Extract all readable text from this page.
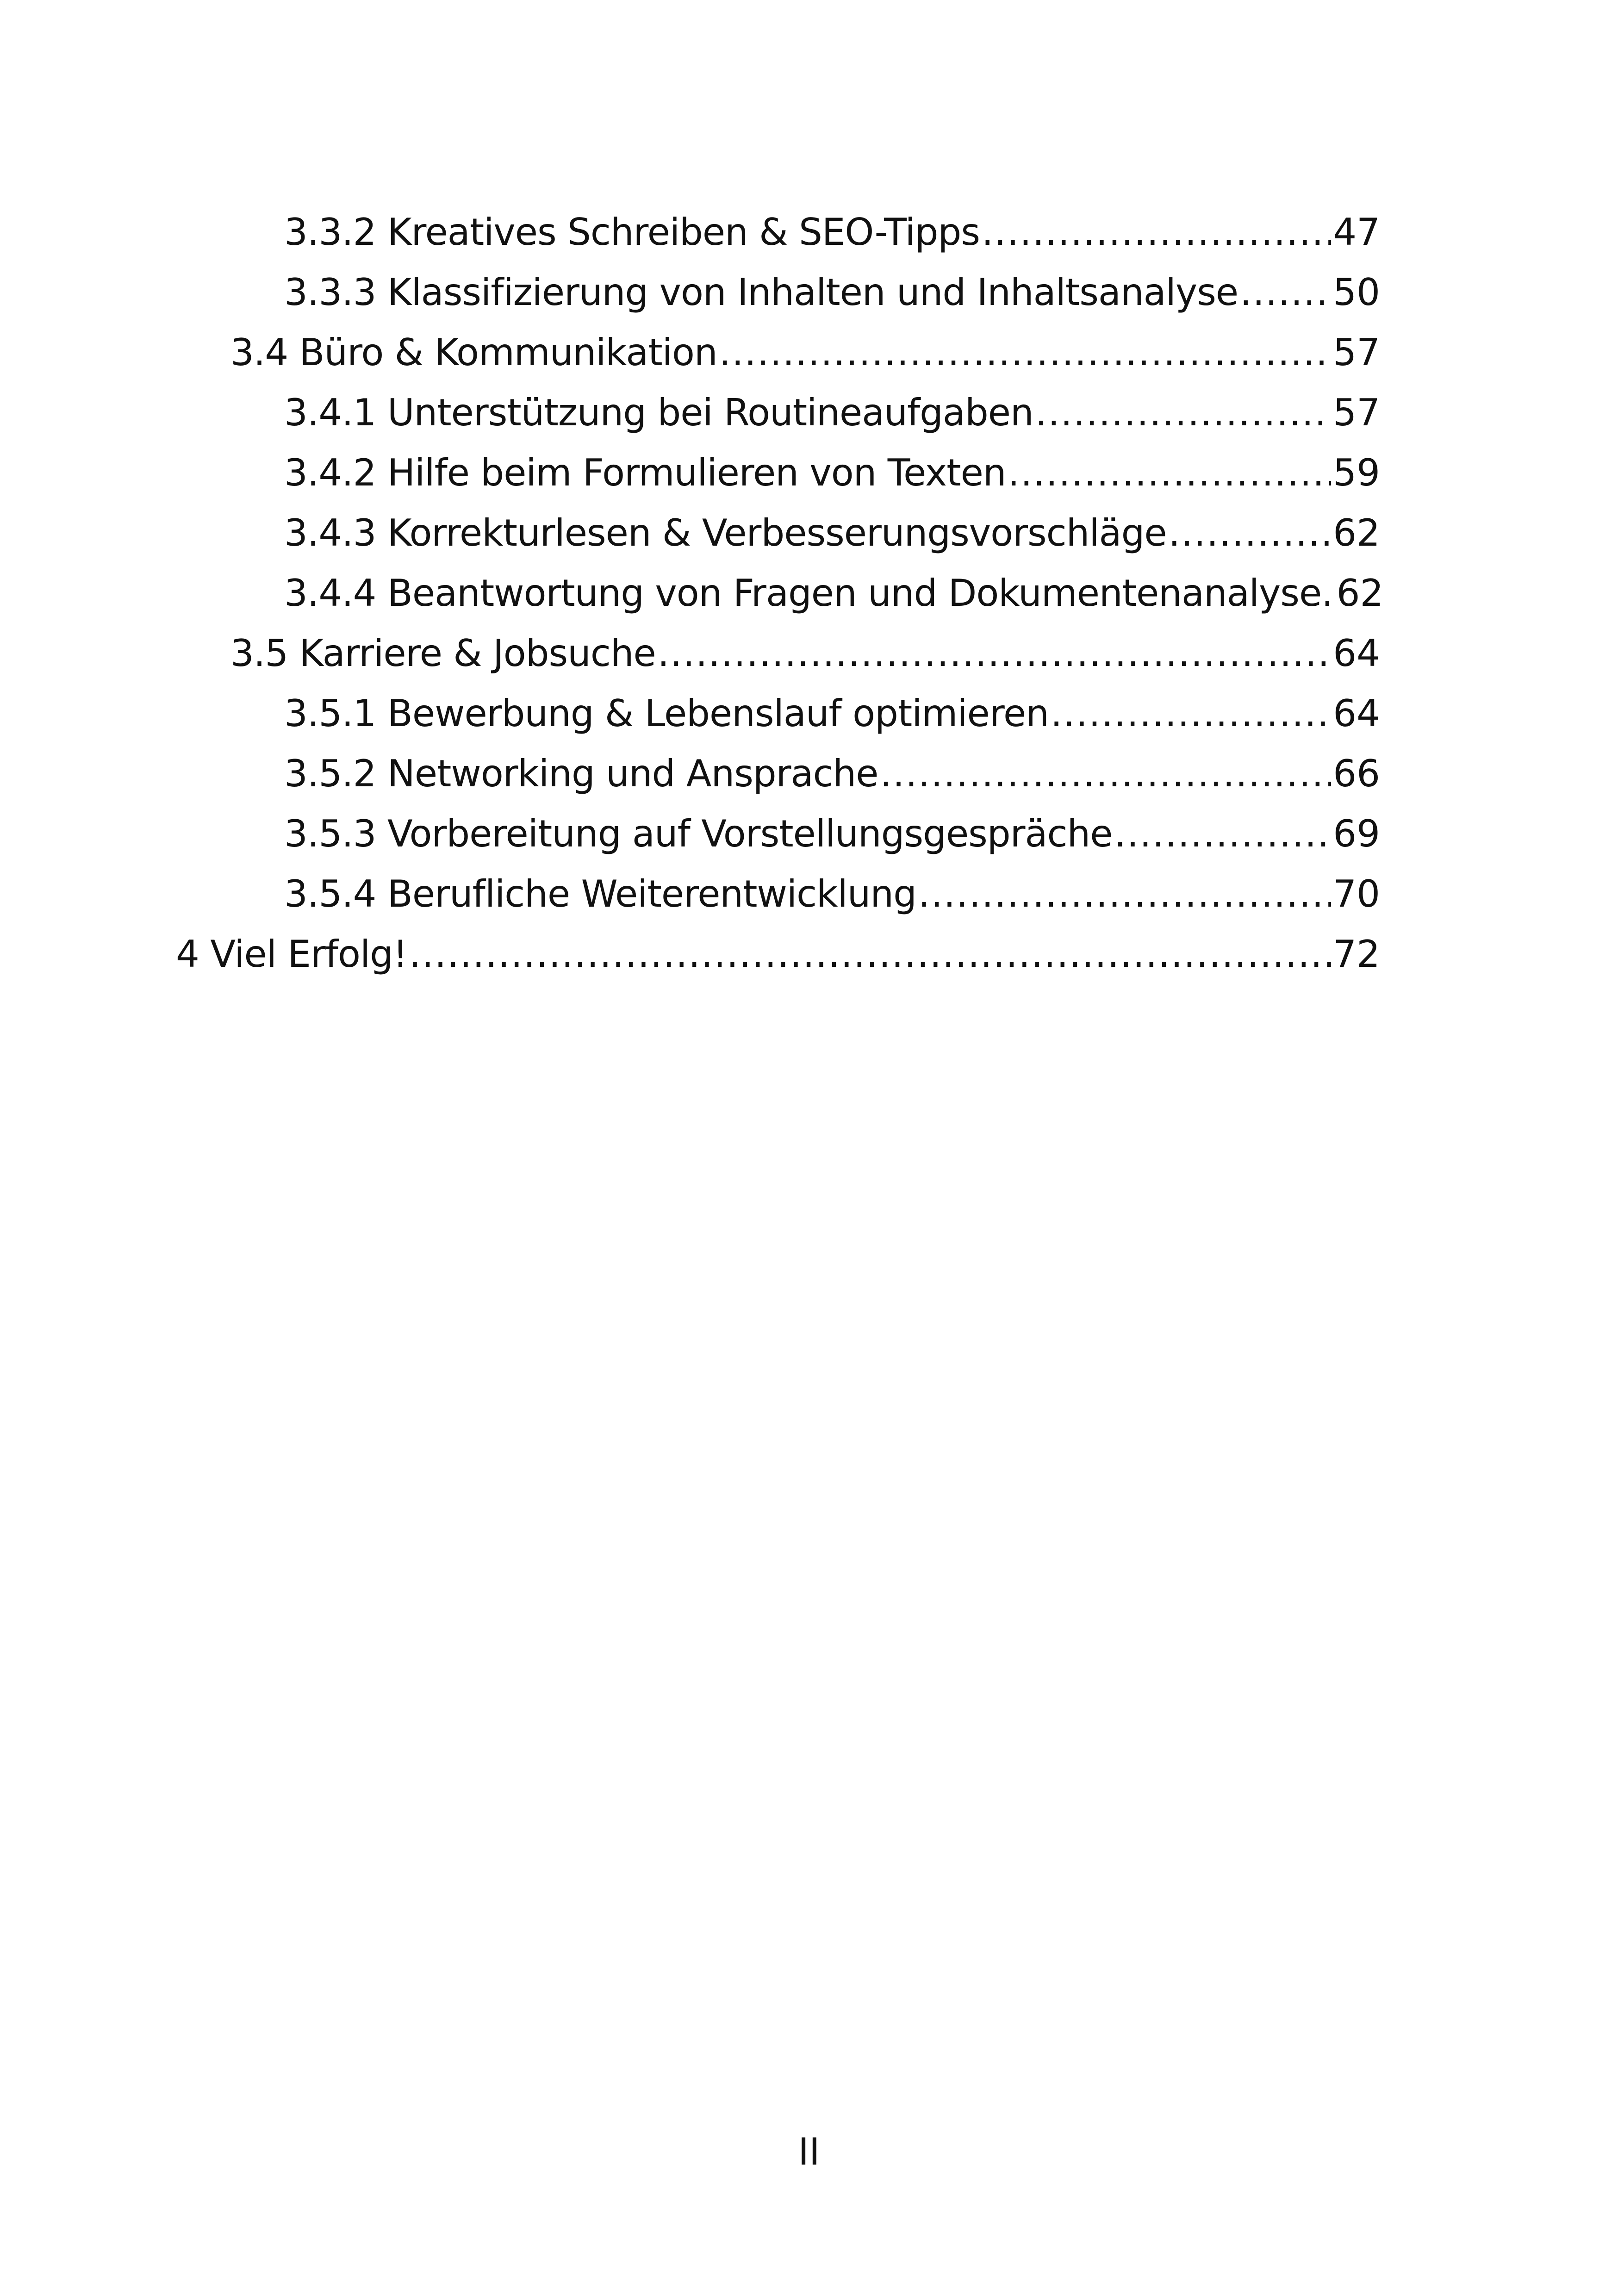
3.3.2 Kreatives Schreiben & SEO-Tipps .....	47
3.3.3 Klassifizierung von Inhalten und Inhaltsanalyse .....	50
3.4 Büro & Kommunikation .....	57
3.4.1 Unterstützung bei Routineaufgaben .....	57
3.4.2 Hilfe beim Formulieren von Texten .....	59
3.4.3 Korrekturlesen & Verbesserungsvorschläge .....	62
3.4.4 Beantwortung von Fragen und Dokumentenanalyse. 62
3.5 Karriere & Jobsuche .....	64
3.5.1 Bewerbung & Lebenslauf optimieren .....	64
3.5.2 Networking und Ansprache .....	66
3.5.3 Vorbereitung auf Vorstellungsgespräche .....	69
3.5.4 Berufliche Weiterentwicklung .....	70
4 Viel Erfolg! .....	72
II
